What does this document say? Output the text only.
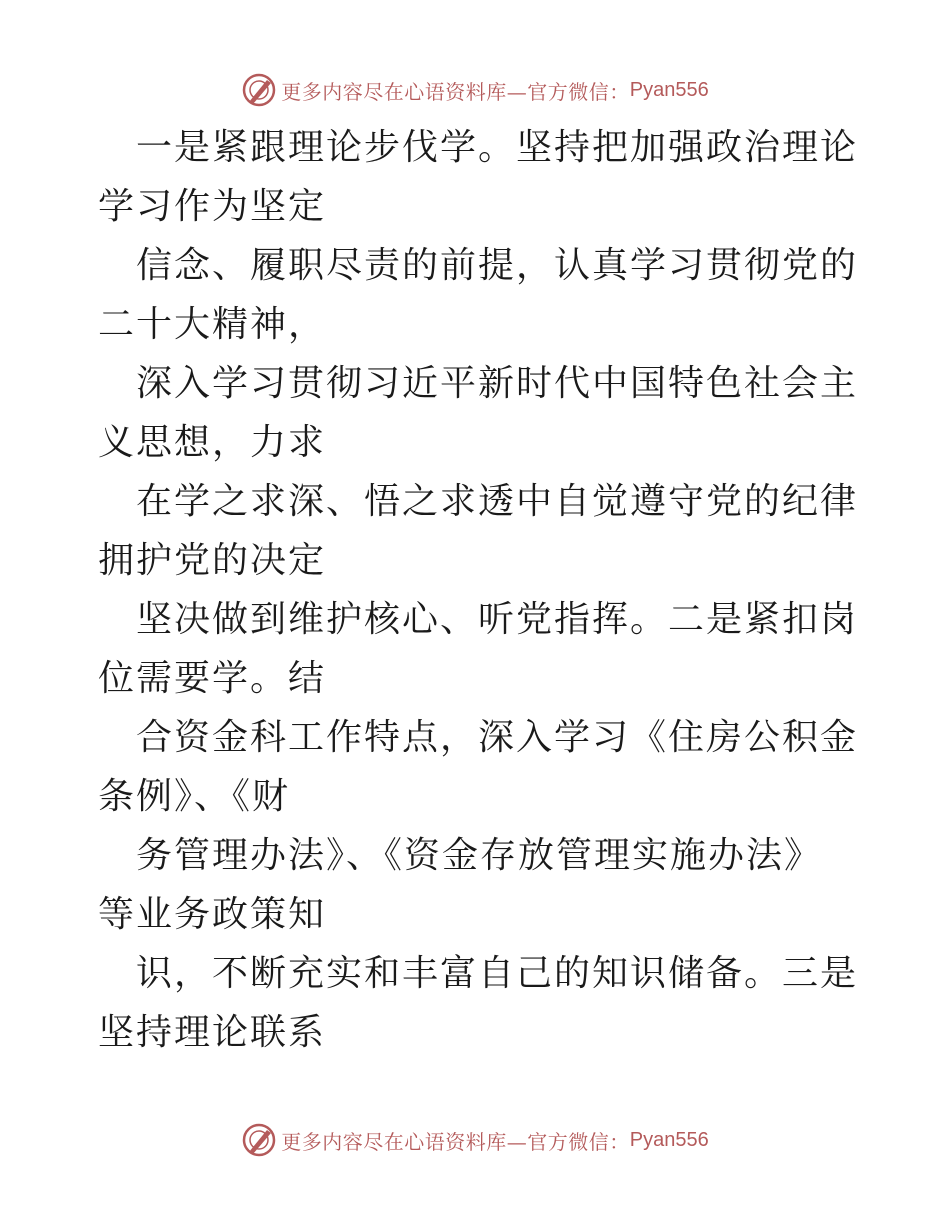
更多内容尽在心语资料库—官方微信： Pyan556

一是紧跟理论步伐学。坚持把加强政治理论学习作为坚定

信念、履职尽责的前提，认真学习贯彻党的二十大精神，

深入学习贯彻习近平新时代中国特色社会主义思想，力求

在学之求深、悟之求透中自觉遵守党的纪律拥护党的决定

坚决做到维护核心、听党指挥。二是紧扣岗位需要学。结

合资金科工作特点，深入学习《住房公积金条例》、《财

务管理办法》、《资金存放管理实施办法》等业务政策知

识，不断充实和丰富自己的知识储备。三是坚持理论联系

更多内容尽在心语资料库—官方微信： Pyan556
